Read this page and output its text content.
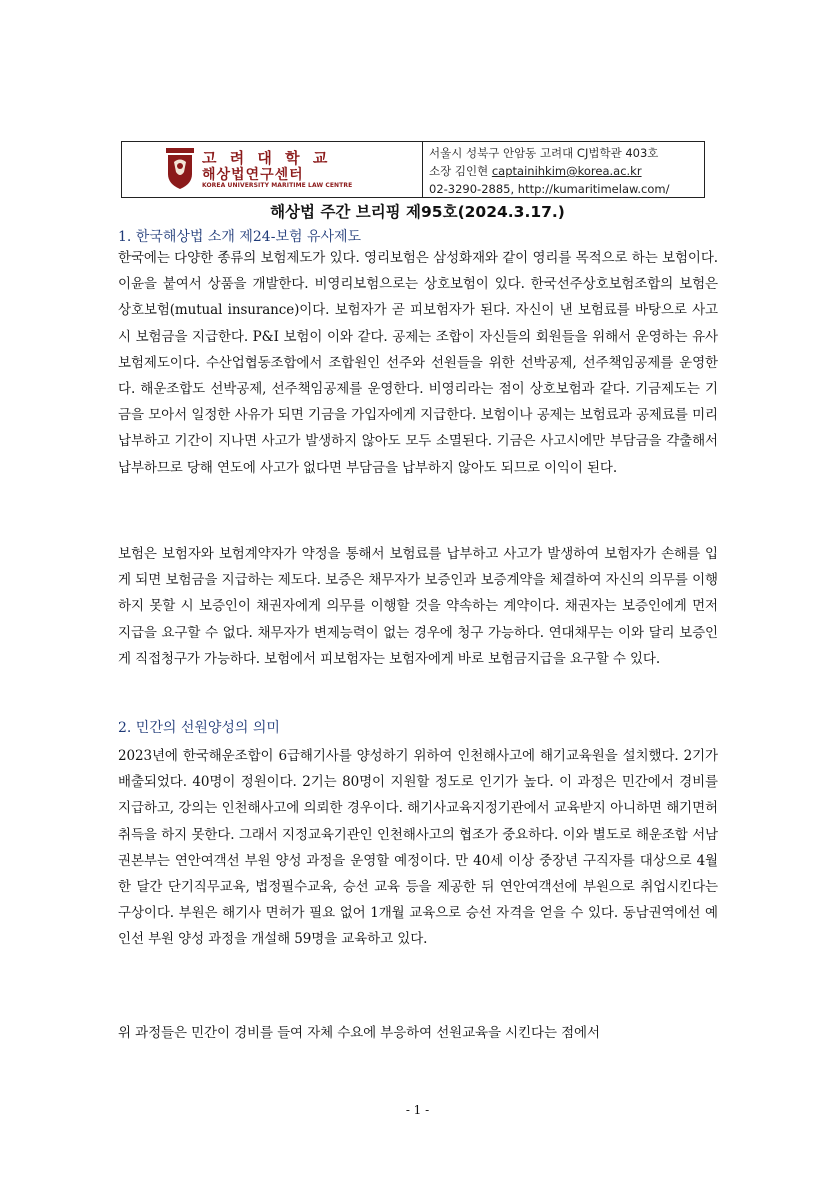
고 려 대 학 교
해상법연구센터
KOREA UNIVERSITY MARITIME LAW CENTRE
서울시 성북구 안암동 고려대 CJ법학관 403호
소장 김인현 captainihkim@korea.ac.kr
02-3290-2885, http://kumaritimelaw.com/
해상법 주간 브리핑 제95호(2024.3.17.)
1. 한국해상법 소개 제24-보험 유사제도
한국에는 다양한 종류의 보험제도가 있다. 영리보험은 삼성화재와 같이 영리를 목적으로 하는 보험이다. 이윤을 붙여서 상품을 개발한다. 비영리보험으로는 상호보험이 있다. 한국선주상호보험조합의 보험은 상호보험(mutual insurance)이다. 보험자가 곧 피보험자가 된다. 자신이 낸 보험료를 바탕으로 사고 시 보험금을 지급한다. P&I 보험이 이와 같다. 공제는 조합이 자신들의 회원들을 위해서 운영하는 유사보험제도이다. 수산업협동조합에서 조합원인 선주와 선원들을 위한 선박공제, 선주책임공제를 운영한다. 해운조합도 선박공제, 선주책임공제를 운영한다. 비영리라는 점이 상호보험과 같다. 기금제도는 기금을 모아서 일정한 사유가 되면 기금을 가입자에게 지급한다. 보험이나 공제는 보험료과 공제료를 미리 납부하고 기간이 지나면 사고가 발생하지 않아도 모두 소멸된다. 기금은 사고시에만 부담금을 갹출해서 납부하므로 당해 연도에 사고가 없다면 부담금을 납부하지 않아도 되므로 이익이 된다.
보험은 보험자와 보험계약자가 약정을 통해서 보험료를 납부하고 사고가 발생하여 보험자가 손해를 입게 되면 보험금을 지급하는 제도다. 보증은 채무자가 보증인과 보증계약을 체결하여 자신의 의무를 이행하지 못할 시 보증인이 채권자에게 의무를 이행할 것을 약속하는 계약이다. 채권자는 보증인에게 먼저 지급을 요구할 수 없다. 채무자가 변제능력이 없는 경우에 청구 가능하다. 연대채무는 이와 달리 보증인게 직접청구가 가능하다. 보험에서 피보험자는 보험자에게 바로 보험금지급을 요구할 수 있다.
2. 민간의 선원양성의 의미
2023년에 한국해운조합이 6급해기사를 양성하기 위하여 인천해사고에 해기교육원을 설치했다. 2기가 배출되었다. 40명이 정원이다. 2기는 80명이 지원할 정도로 인기가 높다. 이 과정은 민간에서 경비를 지급하고, 강의는 인천해사고에 의뢰한 경우이다. 해기사교육지정기관에서 교육받지 아니하면 해기면허 취득을 하지 못한다. 그래서 지정교육기관인 인천해사고의 협조가 중요하다. 이와 별도로 해운조합 서남권본부는 연안여객선 부원 양성 과정을 운영할 예정이다. 만 40세 이상 중장년 구직자를 대상으로 4월 한 달간 단기직무교육, 법정필수교육, 승선 교육 등을 제공한 뒤 연안여객선에 부원으로 취업시킨다는 구상이다. 부원은 해기사 면허가 필요 없어 1개월 교육으로 승선 자격을 얻을 수 있다. 동남권역에선 예인선 부원 양성 과정을 개설해 59명을 교육하고 있다.
위 과정들은 민간이 경비를 들여 자체 수요에 부응하여 선원교육을 시킨다는 점에서
- 1 -
